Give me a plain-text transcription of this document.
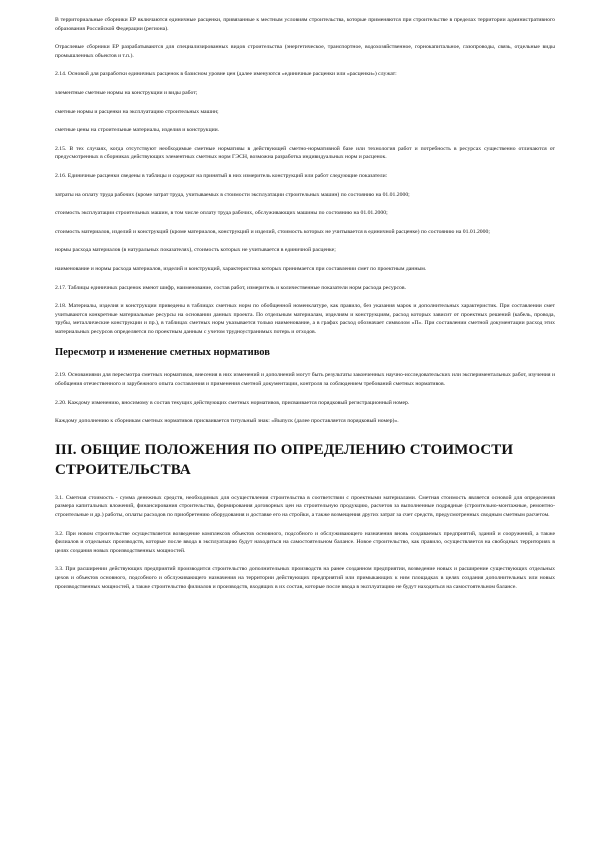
В территориальные сборники ЕР включаются единичные расценки, привязанные к местным условиям строительства, которые применяются при строительстве в пределах территории административного образования Российской Федерации (региона).

Отраслевые сборники ЕР разрабатываются для специализированных видов строительства (энергетическое, транспортное, водохозяйственное, горнокапитальное, газопроводы, связь, отдельные виды промышленных объектов и т.п.).

2.14. Основой для разработки единичных расценок в базисном уровне цен (далее именуются «единичные расценки или «расценки») служат:

элементные сметные нормы на конструкции и виды работ;

сметные нормы и расценки на эксплуатацию строительных машин;

сметные цены на строительные материалы, изделия и конструкции.

2.15. В тех случаях, когда отсутствуют необходимые сметные нормативы в действующей сметно-нормативной базе или технология работ и потребность в ресурсах существенно отличаются от предусмотренных в сборниках действующих элементных сметных норм ГЭСН, возможна разработка индивидуальных норм и расценок.

2.16. Единичные расценки сведены в таблицы и содержат на принятый в них измеритель конструкций или работ следующие показатели:

затраты на оплату труда рабочих (кроме затрат труда, учитываемых в стоимости эксплуатации строительных машин) по состоянию на 01.01.2000;

стоимость эксплуатации строительных машин, в том числе оплату труда рабочих, обслуживающих машины по состоянию на 01.01.2000;

стоимость материалов, изделий и конструкций (кроме материалов, конструкций и изделий, стоимость которых не учитывается в единичной расценке) по состоянию на 01.01.2000;

нормы расхода материалов (в натуральных показателях), стоимость которых не учитывается в единичной расценке;

наименование и нормы расхода материалов, изделий и конструкций, характеристика которых принимается при составлении смет по проектным данным.

2.17. Таблицы единичных расценок имеют шифр, наименование, состав работ, измеритель и количественные показатели норм расхода ресурсов.

2.18. Материалы, изделия и конструкции приведены в таблицах сметных норм по обобщенной номенклатуре, как правило, без указания марок и дополнительных характеристик. При составлении смет учитываются конкретные материальные ресурсы на основании данных проекта. По отдельным материалам, изделиям и конструкциям, расход которых зависит от проектных решений (кабель, провода, трубы, металлические конструкции и пр.), в таблицах сметных норм указывается только наименование, а в графах расход обозначает символом «П». При составлении сметной документации расход этих материальных ресурсов определяется по проектным данным с учетом трудноустранимых потерь и отходов.

Пересмотр и изменение сметных нормативов

2.19. Основаниями для пересмотра сметных нормативов, внесения в них изменений и дополнений могут быть результаты законченных научно-исследовательских или экспериментальных работ, изучения и обобщения отечественного и зарубежного опыта составления и применения сметной документации, контроля за соблюдением требований сметных нормативов.

2.20. Каждому изменению, вносимому в состав текущих действующих сметных нормативов, присваивается порядковый регистрационный номер.

Каждому дополнению к сборникам сметных нормативов присваивается титульный знак: «Выпуск (далее проставляется порядковый номер)».

III. ОБЩИЕ ПОЛОЖЕНИЯ ПО ОПРЕДЕЛЕНИЮ СТОИМОСТИ СТРОИТЕЛЬСТВА

3.1. Сметная стоимость - сумма денежных средств, необходимых для осуществления строительства в соответствии с проектными материалами. Сметная стоимость является основой для определения размера капитальных вложений, финансирования строительства, формирования договорных цен на строительную продукцию, расчетов за выполненные подрядные (строительно-монтажные, ремонтно-строительные и др.) работы, оплаты расходов по приобретению оборудования и доставке его на стройки, а также возмещения других затрат за счет средств, предусмотренных сводным сметным расчетом.

3.2. При новом строительстве осуществляется возведение комплексов объектов основного, подсобного и обслуживающего назначения вновь создаваемых предприятий, зданий и сооружений, а также филиалов и отдельных производств, которые после ввода в эксплуатацию будут находиться на самостоятельном балансе. Новое строительство, как правило, осуществляется на свободных территориях в целях создания новых производственных мощностей.

3.3. При расширении действующих предприятий производится строительство дополнительных производств на ранее созданном предприятии, возведение новых и расширение существующих отдельных цехов и объектов основного, подсобного и обслуживающего назначения на территории действующих предприятий или примыкающих к ним площадках в целях создания дополнительных или новых производственных мощностей, а также строительство филиалов и производств, входящих в их состав, которые после ввода в эксплуатацию не будут находиться на самостоятельном балансе.
